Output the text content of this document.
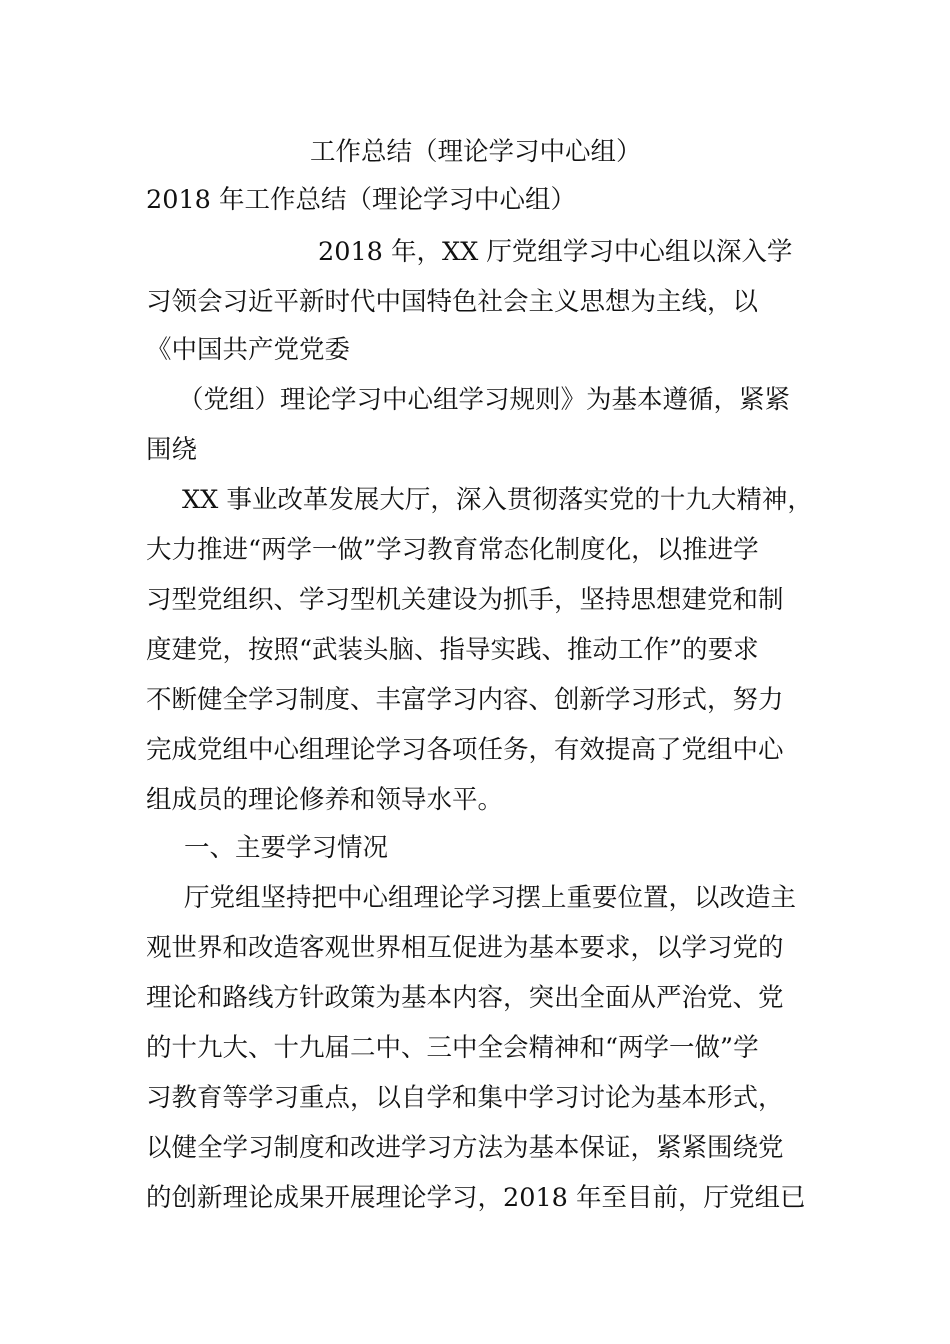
工作总结（理论学习中心组）
2018 年工作总结（理论学习中心组）
2018 年，XX 厅党组学习中心组以深入学
习领会习近平新时代中国特色社会主义思想为主线，以
《中国共产党党委
（党组）理论学习中心组学习规则》为基本遵循，紧紧
围绕
XX 事业改革发展大厅，深入贯彻落实党的十九大精神，
大力推进“两学一做”学习教育常态化制度化，以推进学
习型党组织、学习型机关建设为抓手，坚持思想建党和制
度建党，按照“武装头脑、指导实践、推动工作”的要求
不断健全学习制度、丰富学习内容、创新学习形式，努力
完成党组中心组理论学习各项任务，有效提高了党组中心
组成员的理论修养和领导水平。
一、主要学习情况
厅党组坚持把中心组理论学习摆上重要位置，以改造主
观世界和改造客观世界相互促进为基本要求，以学习党的
理论和路线方针政策为基本内容，突出全面从严治党、党
的十九大、十九届二中、三中全会精神和“两学一做”学
习教育等学习重点，以自学和集中学习讨论为基本形式，
以健全学习制度和改进学习方法为基本保证，紧紧围绕党
的创新理论成果开展理论学习，2018 年至目前，厅党组已
